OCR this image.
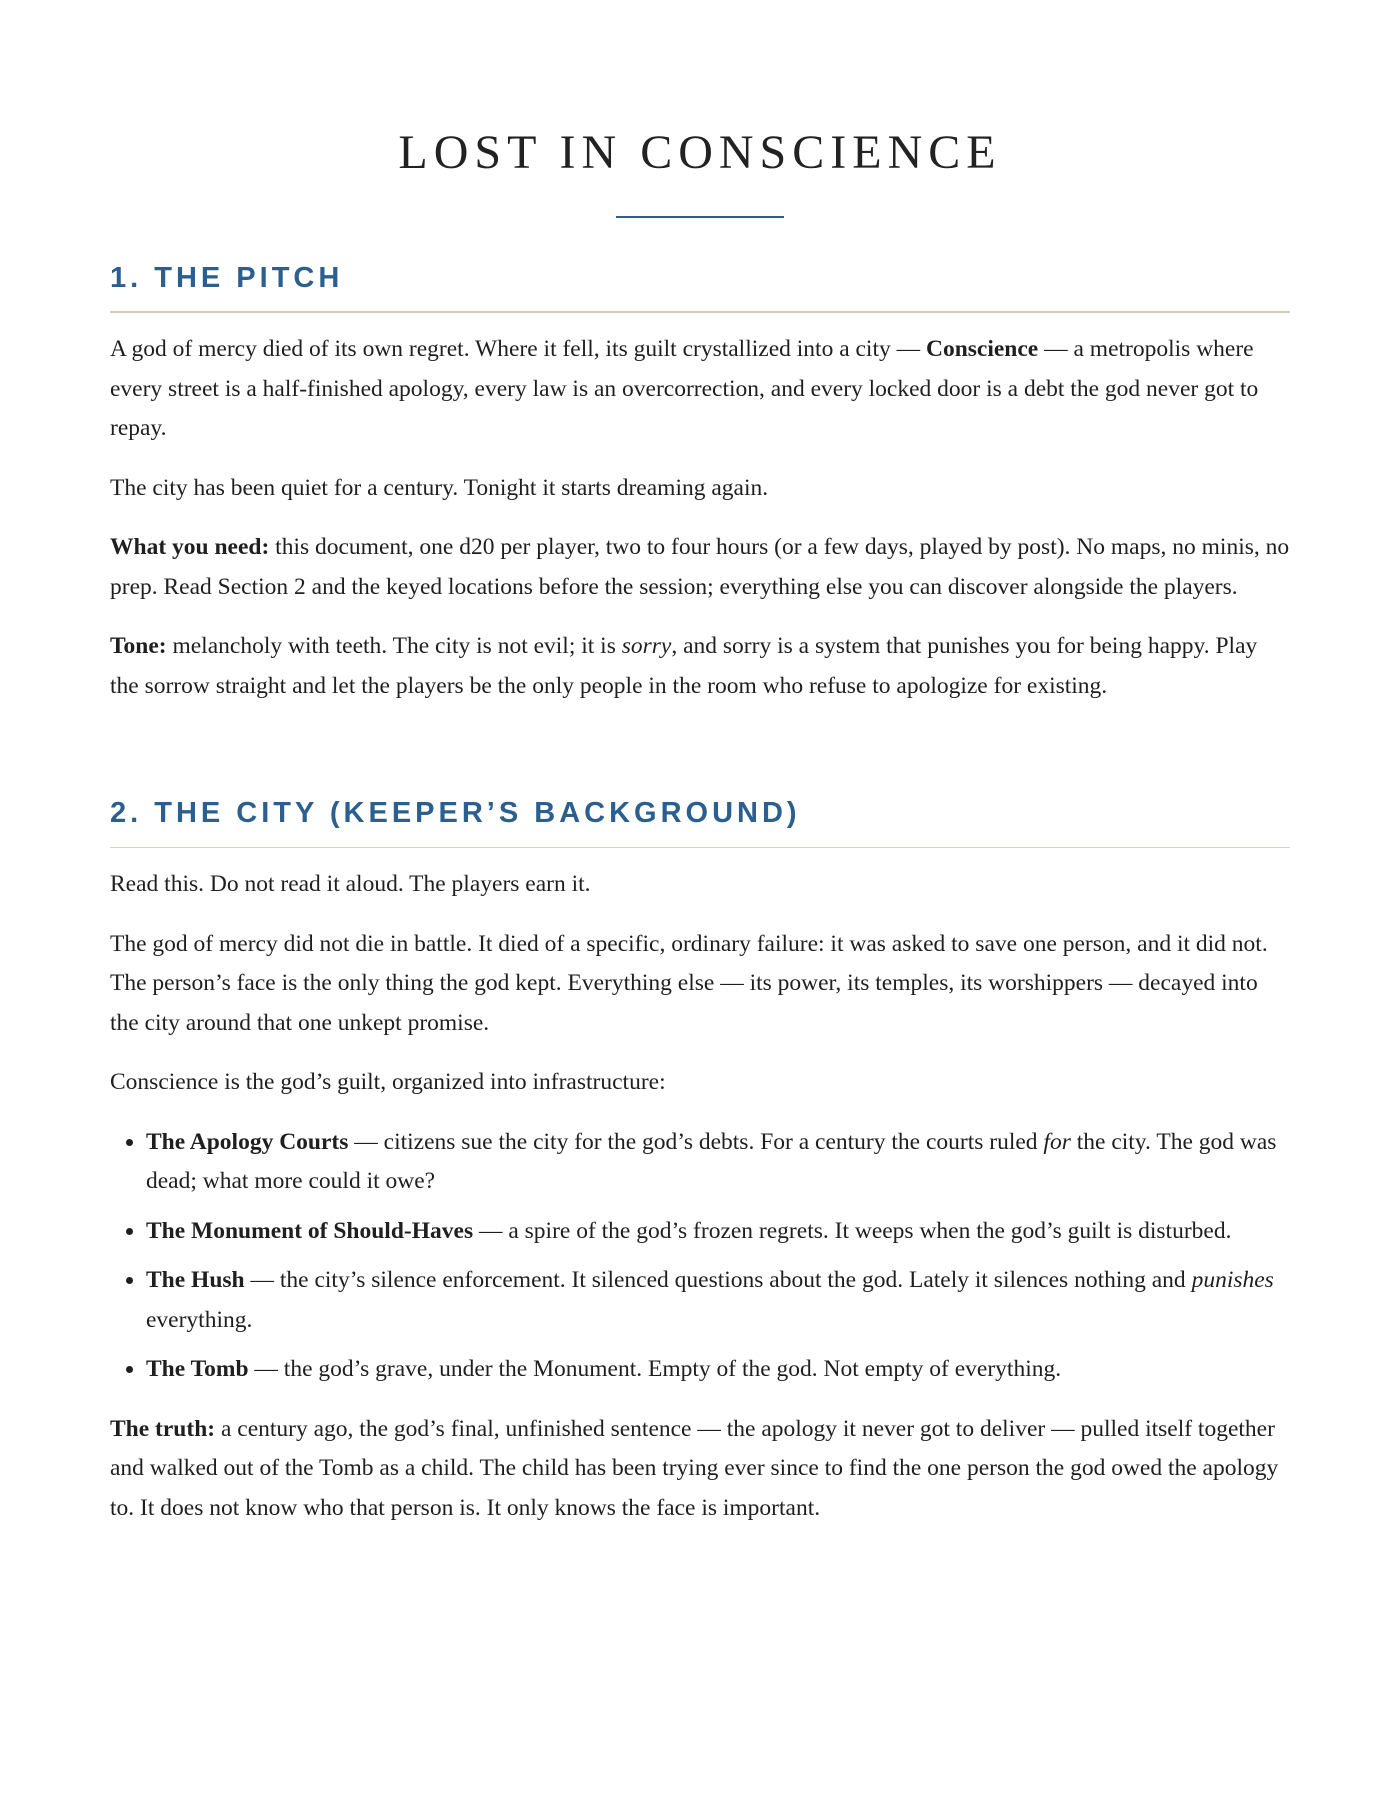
LOST IN CONSCIENCE
1. THE PITCH

A god of mercy died of its own regret. Where it fell, its guilt crystallized into a city — Conscience — a metropolis where every street is a half-finished apology, every law is an overcorrection, and every locked door is a debt the god never got to repay.

The city has been quiet for a century. Tonight it starts dreaming again.

What you need: this document, one d20 per player, two to four hours (or a few days, played by post). No maps, no minis, no prep. Read Section 2 and the keyed locations before the session; everything else you can discover alongside the players.

Tone: melancholy with teeth. The city is not evil; it is sorry, and sorry is a system that punishes you for being happy. Play the sorrow straight and let the players be the only people in the room who refuse to apologize for existing.

2. THE CITY (KEEPER’S BACKGROUND)

Read this. Do not read it aloud. The players earn it.

The god of mercy did not die in battle. It died of a specific, ordinary failure: it was asked to save one person, and it did not. The person’s face is the only thing the god kept. Everything else — its power, its temples, its worshippers — decayed into the city around that one unkept promise.

Conscience is the god’s guilt, organized into infrastructure:

• The Apology Courts — citizens sue the city for the god’s debts. For a century the courts ruled for the city. The god was dead; what more could it owe?
• The Monument of Should-Haves — a spire of the god’s frozen regrets. It weeps when the god’s guilt is disturbed.
• The Hush — the city’s silence enforcement. It silenced questions about the god. Lately it silences nothing and punishes everything.
• The Tomb — the god’s grave, under the Monument. Empty of the god. Not empty of everything.

The truth: a century ago, the god’s final, unfinished sentence — the apology it never got to deliver — pulled itself together and walked out of the Tomb as a child. The child has been trying ever since to find the one person the god owed the apology to. It does not know who that person is. It only knows the face is important.
